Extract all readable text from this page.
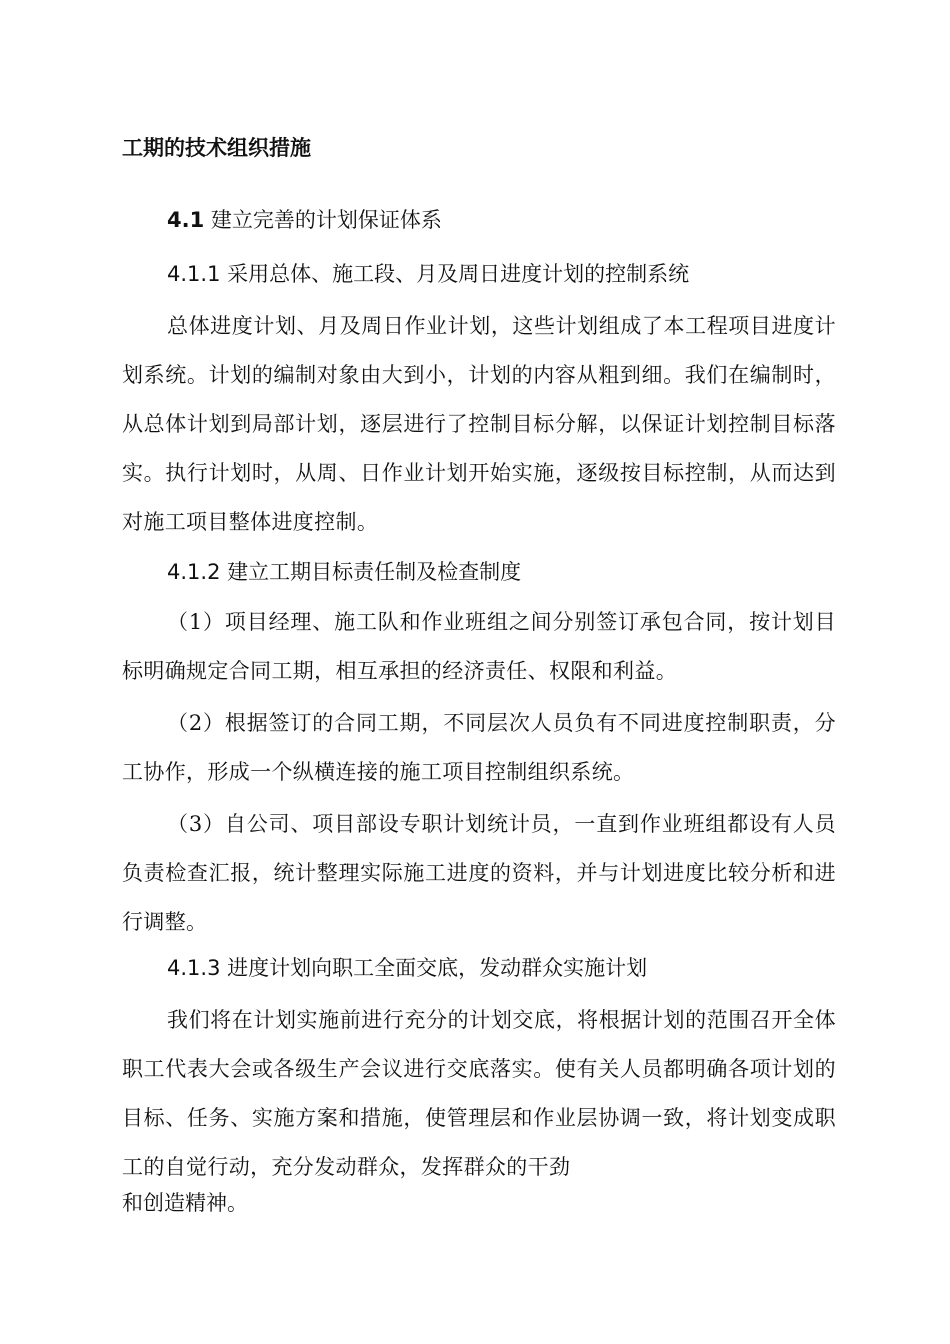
工期的技术组织措施

4.1 建立完善的计划保证体系

4.1.1 采用总体、施工段、月及周日进度计划的控制系统

总体进度计划、月及周日作业计划，这些计划组成了本工程项目进度计划系统。计划的编制对象由大到小，计划的内容从粗到细。我们在编制时，从总体计划到局部计划，逐层进行了控制目标分解，以保证计划控制目标落实。执行计划时，从周、日作业计划开始实施，逐级按目标控制，从而达到对施工项目整体进度控制。

4.1.2 建立工期目标责任制及检查制度

（1）项目经理、施工队和作业班组之间分别签订承包合同，按计划目标明确规定合同工期，相互承担的经济责任、权限和利益。

（2）根据签订的合同工期，不同层次人员负有不同进度控制职责，分工协作，形成一个纵横连接的施工项目控制组织系统。

（3）自公司、项目部设专职计划统计员，一直到作业班组都设有人员负责检查汇报，统计整理实际施工进度的资料，并与计划进度比较分析和进行调整。

4.1.3 进度计划向职工全面交底，发动群众实施计划

我们将在计划实施前进行充分的计划交底，将根据计划的范围召开全体职工代表大会或各级生产会议进行交底落实。使有关人员都明确各项计划的目标、任务、实施方案和措施，使管理层和作业层协调一致，将计划变成职工的自觉行动，充分发动群众，发挥群众的干劲

和创造精神。
